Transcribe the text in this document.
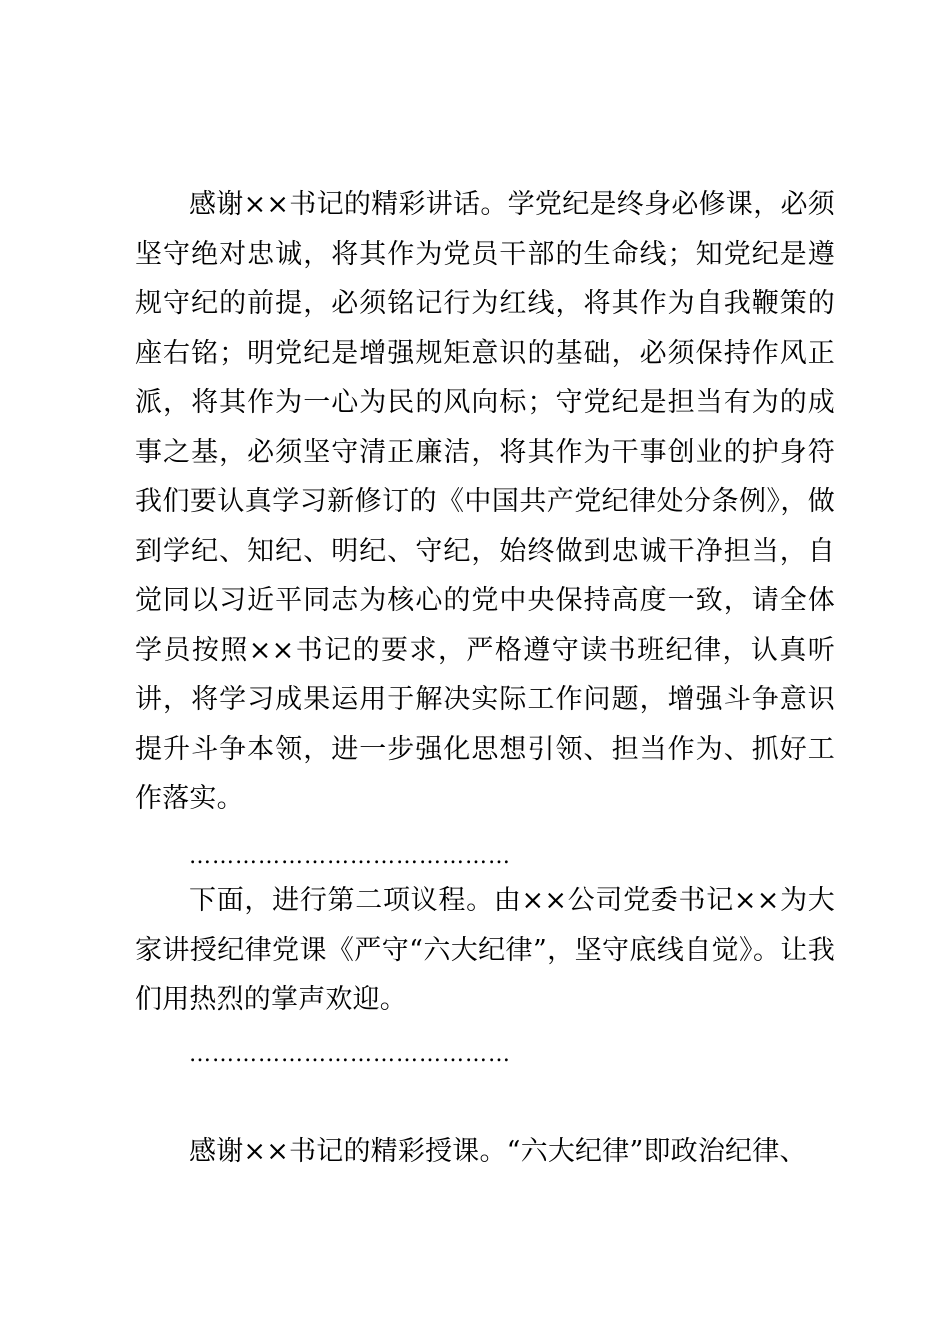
感谢××书记的精彩讲话。学党纪是终身必修课，必须坚守绝对忠诚，将其作为党员干部的生命线；知党纪是遵规守纪的前提，必须铭记行为红线，将其作为自我鞭策的座右铭；明党纪是增强规矩意识的基础，必须保持作风正派，将其作为一心为民的风向标；守党纪是担当有为的成事之基，必须坚守清正廉洁，将其作为干事创业的护身符我们要认真学习新修订的《中国共产党纪律处分条例》，做到学纪、知纪、明纪、守纪，始终做到忠诚干净担当，自觉同以习近平同志为核心的党中央保持高度一致，请全体学员按照××书记的要求，严格遵守读书班纪律，认真听讲，将学习成果运用于解决实际工作问题，增强斗争意识提升斗争本领，进一步强化思想引领、担当作为、抓好工作落实。

……………………………………

下面，进行第二项议程。由××公司党委书记××为大家讲授纪律党课《严守“六大纪律”，坚守底线自觉》。让我们用热烈的掌声欢迎。

……………………………………

感谢××书记的精彩授课。“六大纪律”即政治纪律、
